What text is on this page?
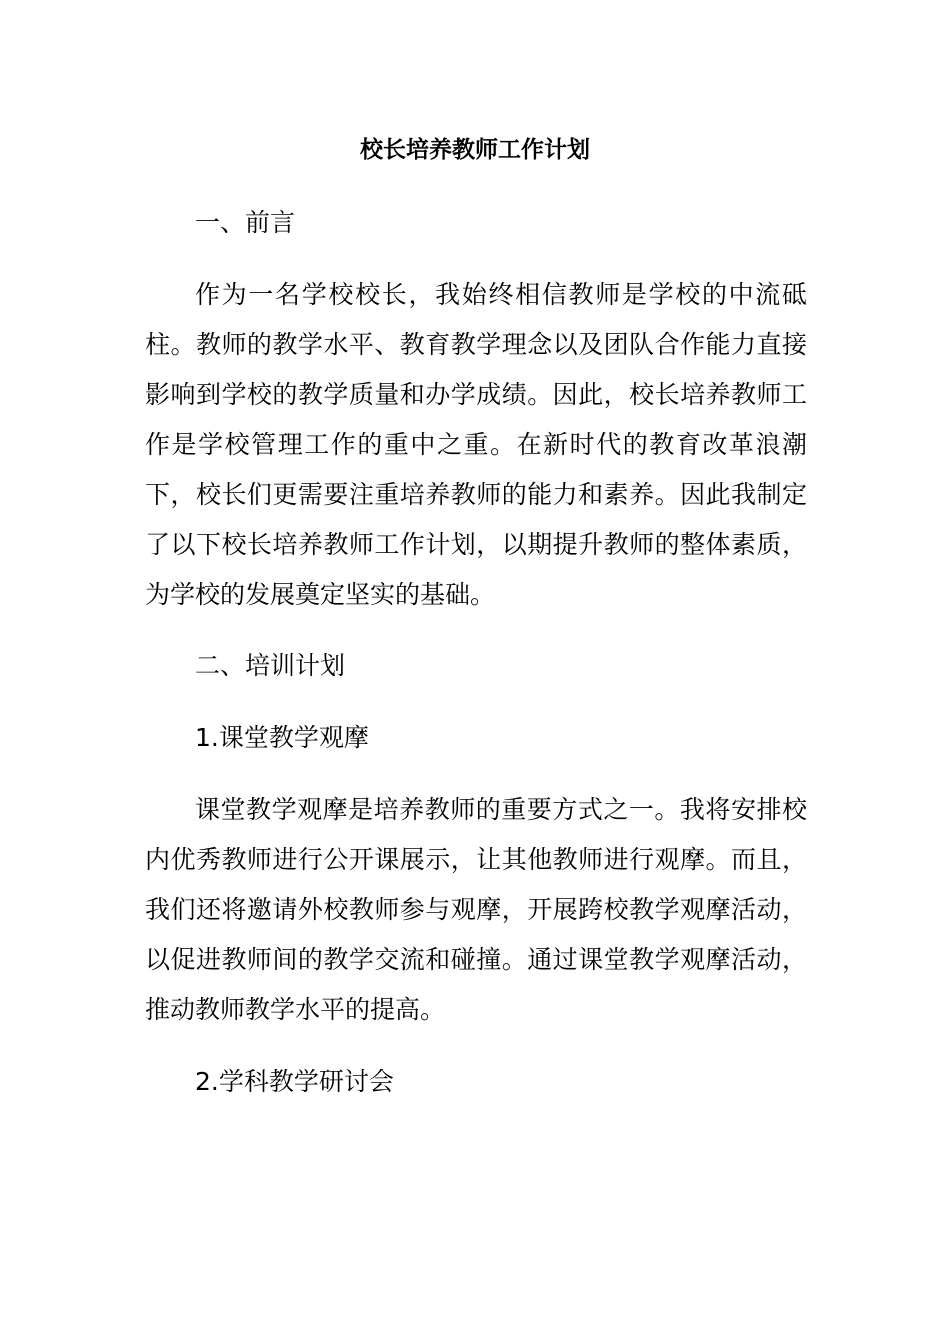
校长培养教师工作计划
一、前言
作为一名学校校长，我始终相信教师是学校的中流砥柱。教师的教学水平、教育教学理念以及团队合作能力直接影响到学校的教学质量和办学成绩。因此，校长培养教师工作是学校管理工作的重中之重。在新时代的教育改革浪潮下，校长们更需要注重培养教师的能力和素养。因此我制定了以下校长培养教师工作计划，以期提升教师的整体素质，为学校的发展奠定坚实的基础。
二、培训计划
1.课堂教学观摩
课堂教学观摩是培养教师的重要方式之一。我将安排校内优秀教师进行公开课展示，让其他教师进行观摩。而且，我们还将邀请外校教师参与观摩，开展跨校教学观摩活动，以促进教师间的教学交流和碰撞。通过课堂教学观摩活动，推动教师教学水平的提高。
2.学科教学研讨会
